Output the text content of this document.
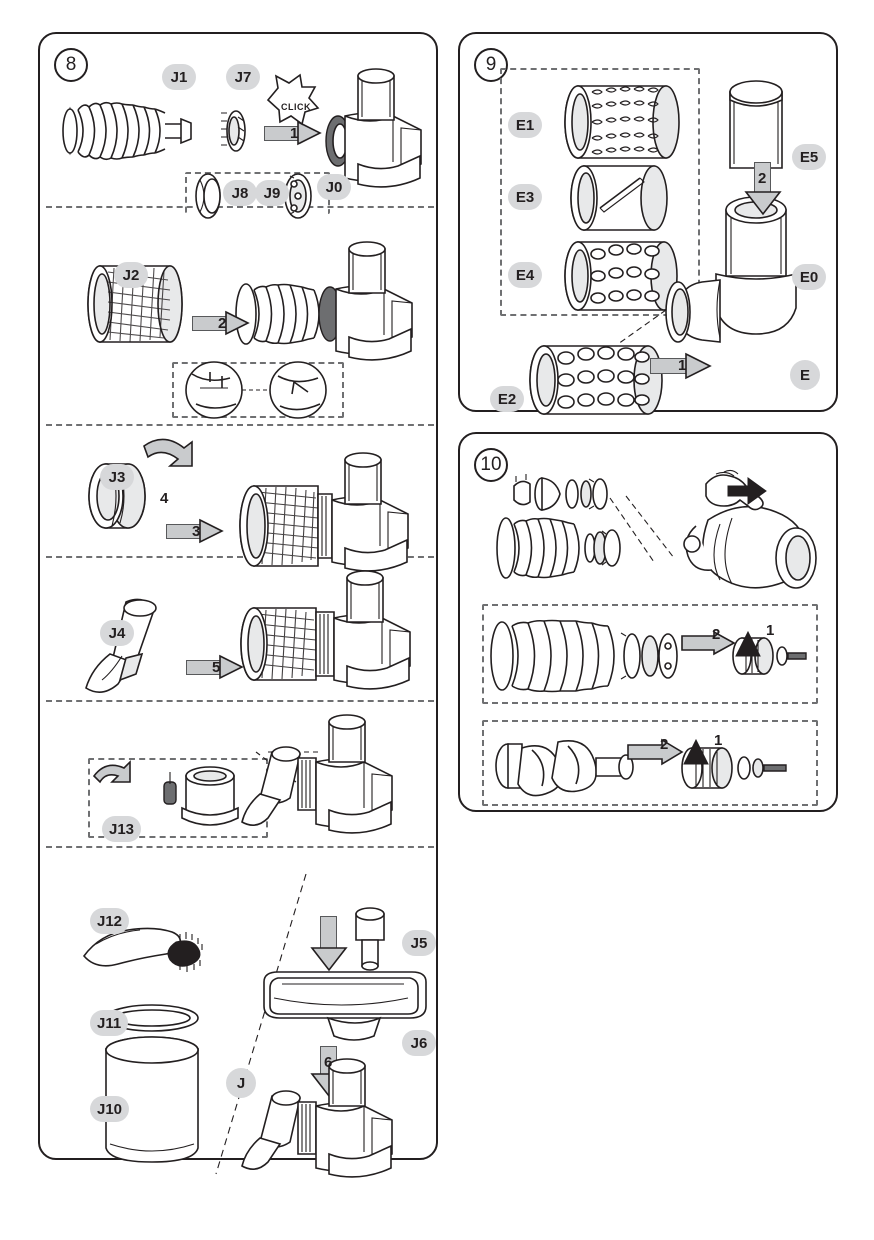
8
1
CLICK
J8	J9
J1	J7
J0
2
J2
4
3
J3
5
J4
J13
J12
J11
J10
J5
J6
6
J
9
E1
E3
E4
E2
1
E5
E0
E
2
10
2	1
2	1
